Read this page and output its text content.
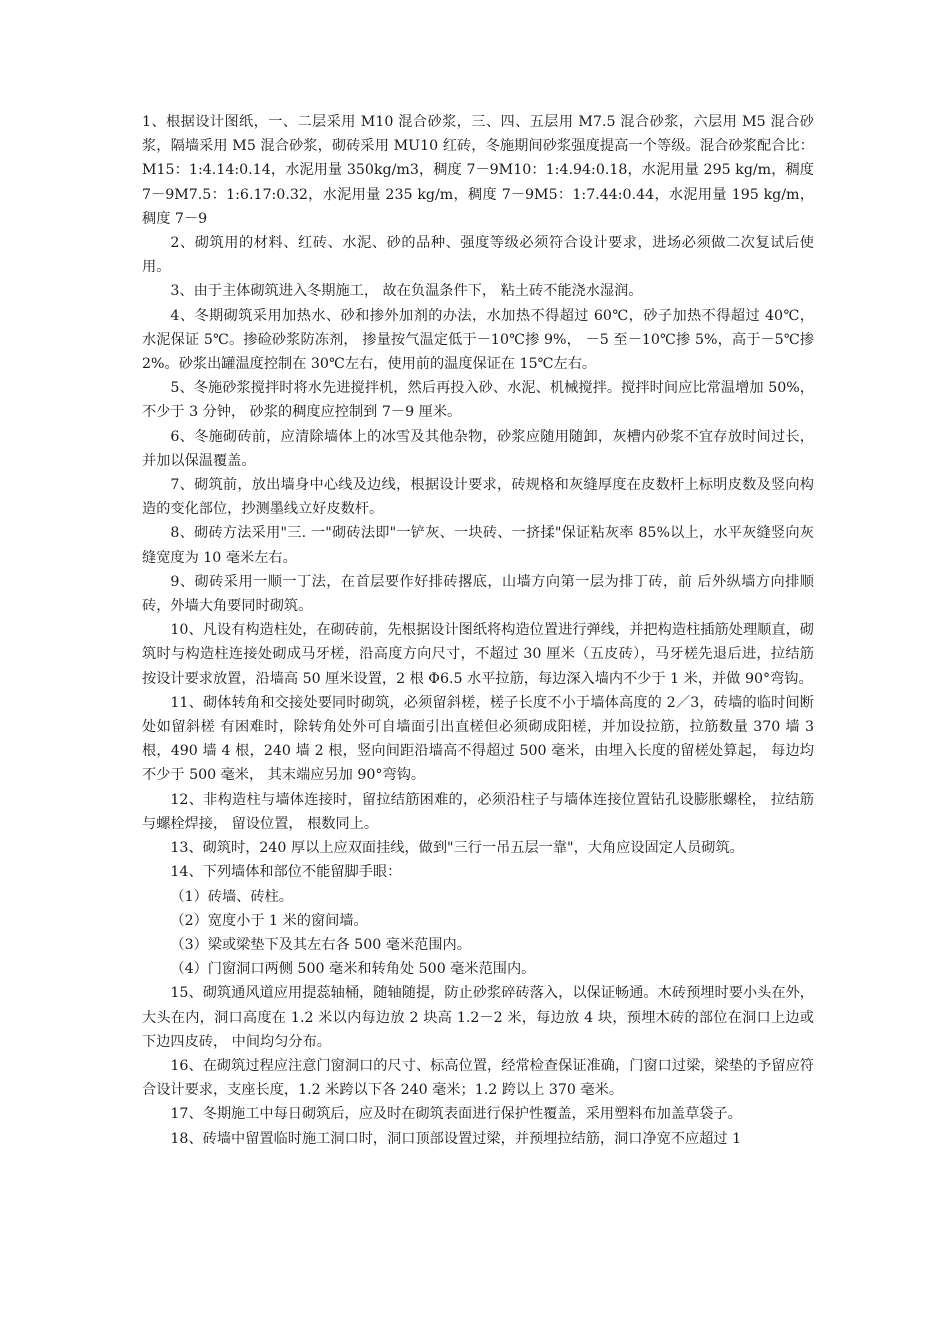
1、根据设计图纸，一、二层采用 M10 混合砂浆，三、四、五层用 M7.5 混合砂浆，六层用 M5 混合砂浆，隔墙采用 M5 混合砂浆，砌砖采用 MU10 红砖，冬施期间砂浆强度提高一个等级。混合砂浆配合比：M15：1:4.14:0.14，水泥用量 350kg/m3，稠度 7－9M10：1:4.94:0.18，水泥用量 295 kg/m，稠度 7－9M7.5：1:6.17:0.32，水泥用量 235 kg/m，稠度 7－9M5：1:7.44:0.44，水泥用量 195 kg/m， 稠度 7－9

2、砌筑用的材料、红砖、水泥、砂的品种、强度等级必须符合设计要求，进场必须做二次复试后使用。

3、由于主体砌筑进入冬期施工， 故在负温条件下， 粘土砖不能浇水湿润。

4、冬期砌筑采用加热水、砂和掺外加剂的办法，水加热不得超过 60℃，砂子加热不得超过 40℃， 水泥保证 5℃。掺硷砂浆防冻剂， 掺量按气温定低于－10℃掺 9%， －5 至－10℃掺 5%，高于－5℃掺 2%。砂浆出罐温度控制在 30℃左右，使用前的温度保证在 15℃左右。

5、冬施砂浆搅拌时将水先进搅拌机，然后再投入砂、水泥、机械搅拌。搅拌时间应比常温增加 50%， 不少于 3 分钟， 砂浆的稠度应控制到 7－9 厘米。

6、冬施砌砖前，应清除墙体上的冰雪及其他杂物，砂浆应随用随卸，灰槽内砂浆不宜存放时间过长， 并加以保温覆盖。

7、砌筑前，放出墙身中心线及边线，根据设计要求，砖规格和灰缝厚度在皮数杆上标明皮数及竖向构造的变化部位，抄测墨线立好皮数杆。

8、砌砖方法采用"三. 一"砌砖法即"一铲灰、一块砖、一挤揉"保证粘灰率 85%以上，水平灰缝竖向灰缝宽度为 10 毫米左右。

9、砌砖采用一顺一丁法，在首层要作好排砖撂底，山墙方向第一层为排丁砖，前 后外纵墙方向排顺砖，外墙大角要同时砌筑。

10、凡设有构造柱处，在砌砖前，先根据设计图纸将构造位置进行弹线，并把构造柱插筋处理顺直，砌筑时与构造柱连接处砌成马牙槎，沿高度方向尺寸，不超过 30 厘米（五皮砖），马牙槎先退后进，拉结筋按设计要求放置，沿墙高 50 厘米设置，2 根 Φ6.5 水平拉筋，每边深入墙内不少于 1 米，并做 90°弯钩。

11、砌体转角和交接处要同时砌筑，必须留斜槎，槎子长度不小于墙体高度的 2／3，砖墙的临时间断处如留斜槎 有困难时，除转角处外可自墙面引出直槎但必须砌成阳槎，并加设拉筋，拉筋数量 370 墙 3 根，490 墙 4 根，240 墙 2 根，竖向间距沿墙高不得超过 500 毫米，由埋入长度的留槎处算起， 每边均不少于 500 毫米， 其末端应另加 90°弯钩。

12、非构造柱与墙体连接时，留拉结筋困难的，必须沿柱子与墙体连接位置钻孔设膨胀螺栓， 拉结筋与螺栓焊接， 留设位置， 根数同上。

13、砌筑时，240 厚以上应双面挂线，做到"三行一吊五层一靠"，大角应设固定人员砌筑。

14、下列墙体和部位不能留脚手眼：

（1）砖墙、砖柱。

（2）宽度小于 1 米的窗间墙。

（3）梁或梁垫下及其左右各 500 毫米范围内。

（4）门窗洞口两侧 500 毫米和转角处 500 毫米范围内。

15、砌筑通风道应用提蕊轴桶，随轴随提，防止砂浆碎砖落入，以保证畅通。木砖预埋时要小头在外，大头在内，洞口高度在 1.2 米以内每边放 2 块高 1.2－2 米，每边放 4 块，预埋木砖的部位在洞口上边或下边四皮砖， 中间均匀分布。

16、在砌筑过程应注意门窗洞口的尺寸、标高位置，经常检查保证准确，门窗口过梁，梁垫的予留应符合设计要求，支座长度，1.2 米跨以下各 240 毫米；1.2 跨以上 370 毫米。

17、冬期施工中每日砌筑后，应及时在砌筑表面进行保护性覆盖，采用塑料布加盖草袋子。

18、砖墙中留置临时施工洞口时，洞口顶部设置过梁，并预埋拉结筋，洞口净宽不应超过 1
